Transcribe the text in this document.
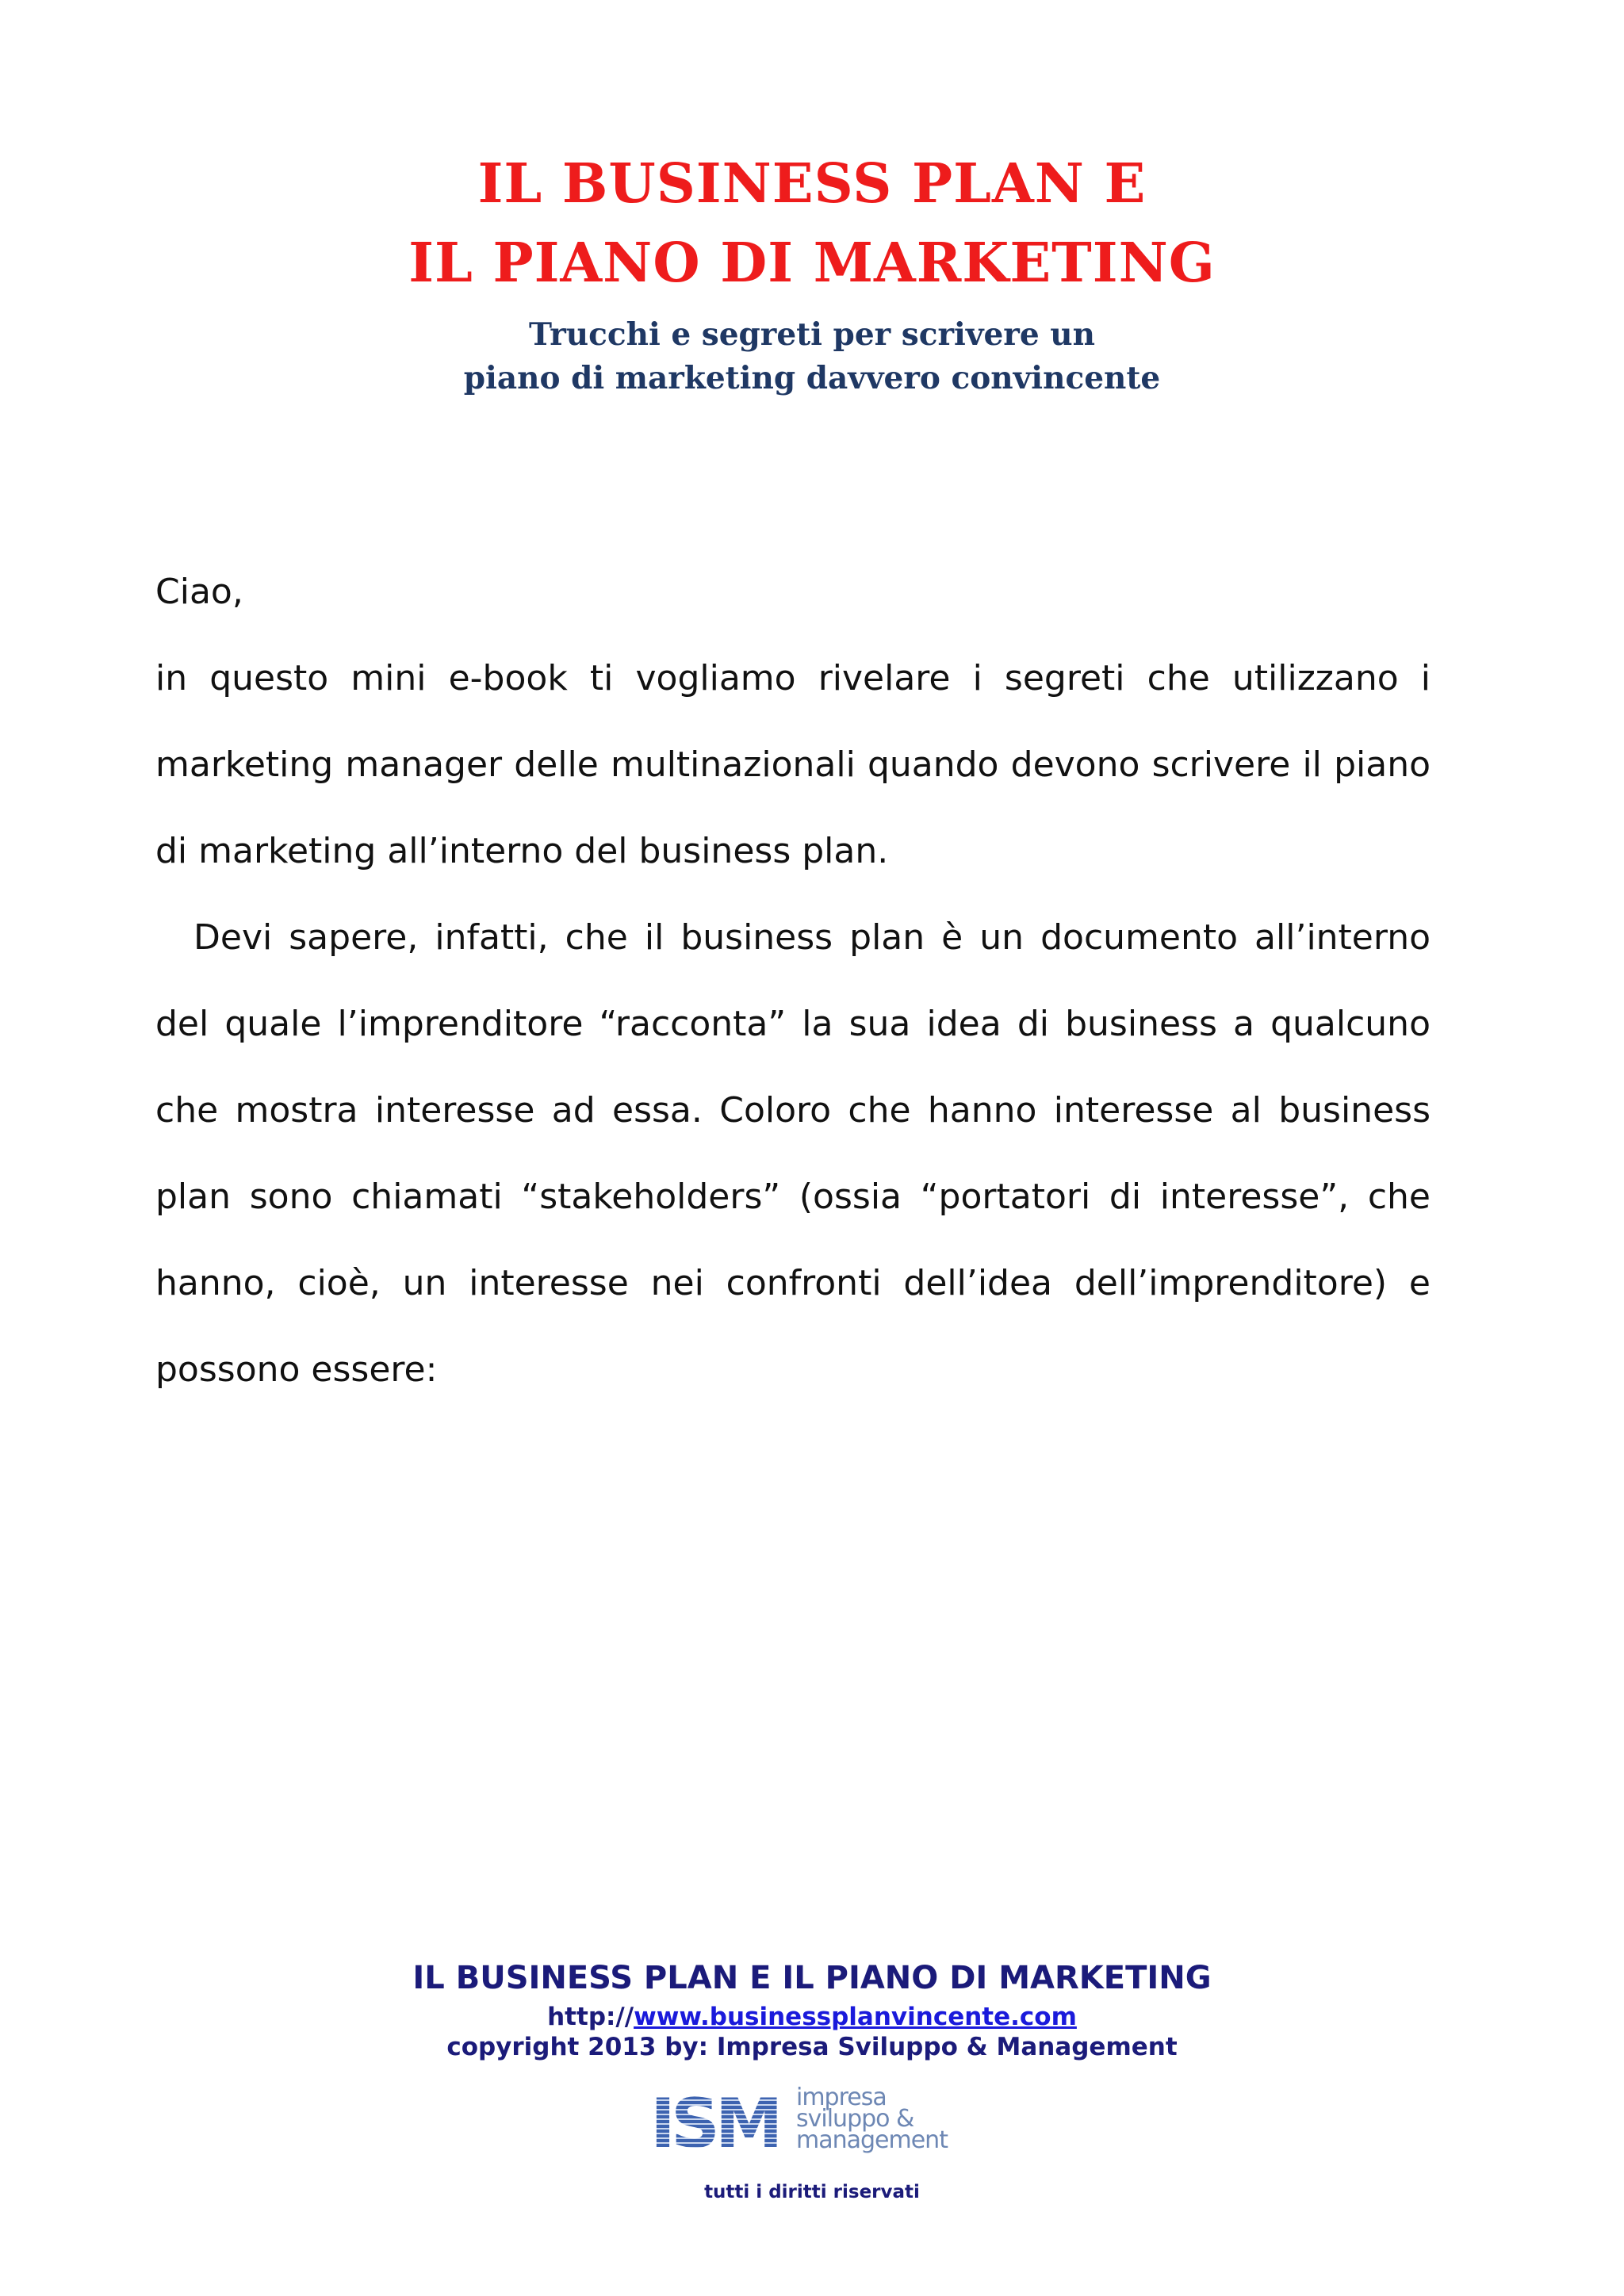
IL BUSINESS PLAN E
IL PIANO DI MARKETING
Trucchi e segreti per scrivere un
piano di marketing davvero convincente

Ciao,

in questo mini e-book ti vogliamo rivelare i segreti che utilizzano i marketing manager delle multinazionali quando devono scrivere il piano di marketing all’interno del business plan.

Devi sapere, infatti, che il business plan è un documento all’interno del quale l’imprenditore “racconta” la sua idea di business a qualcuno che mostra interesse ad essa. Coloro che hanno interesse al business plan sono chiamati “stakeholders” (ossia “portatori di interesse”, che hanno, cioè, un interesse nei confronti dell’idea dell’imprenditore) e possono essere:

IL BUSINESS PLAN E IL PIANO DI MARKETING
http://www.businessplanvincente.com
copyright 2013 by: Impresa Sviluppo & Management
ISM impresa
sviluppo &
management
tutti i diritti riservati
